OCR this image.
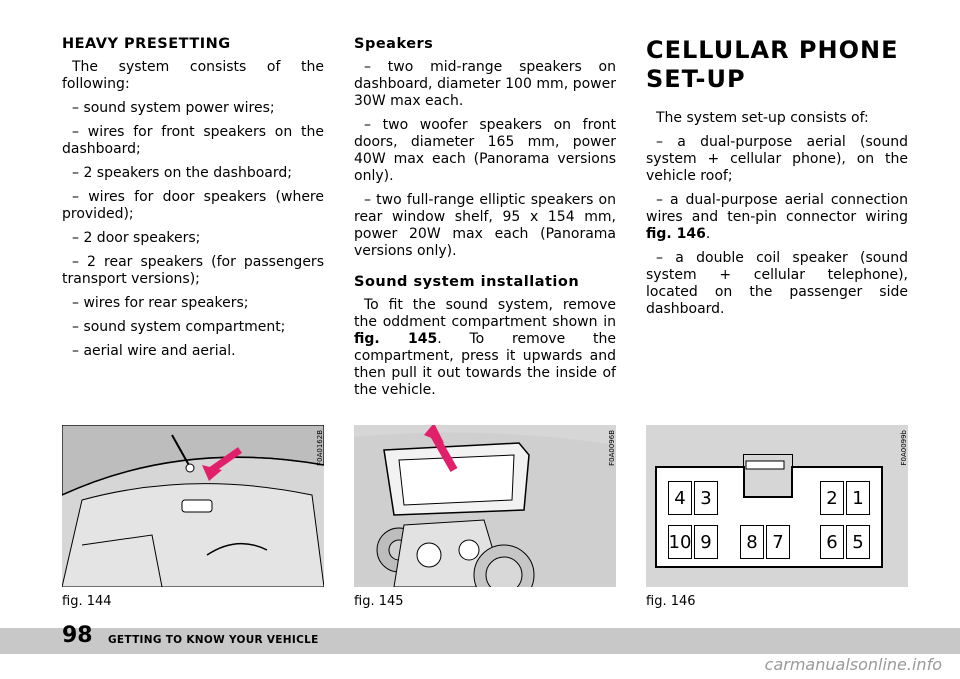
HEAVY PRESETTING

The system consists of the following:

– sound system power wires;

– wires for front speakers on the dashboard;

– 2 speakers on the dashboard;

– wires for door speakers (where provided);

– 2 door speakers;

– 2 rear speakers (for passengers transport versions);

– wires for rear speakers;

– sound system compartment;

– aerial wire and aerial.

Speakers

– two mid-range speakers on dashboard, diameter 100 mm, power 30W max each.

– two woofer speakers on front doors, diameter 165 mm, power 40W max each (Panorama versions only).

– two full-range elliptic speakers on rear window shelf, 95 x 154 mm, power 20W max each (Panorama versions only).

Sound system installation

To fit the sound system, remove the oddment compartment shown in fig. 145. To remove the compartment, press it upwards and then pull it out towards the inside of the vehicle.

CELLULAR PHONE
SET-UP

The system set-up consists of:

– a dual-purpose aerial (sound system + cellular phone), on the vehicle roof;

– a dual-purpose aerial connection wires and ten-pin connector wiring fig. 146.

– a double coil speaker (sound system + cellular telephone), located on the passenger side dashboard.

F0A0162B
fig. 144
F0A0096B
fig. 145
4 3	2 1
10 9	8 7	6 5
F0A0099b
fig. 146
98 GETTING TO KNOW YOUR VEHICLE
carmanualsonline.info
